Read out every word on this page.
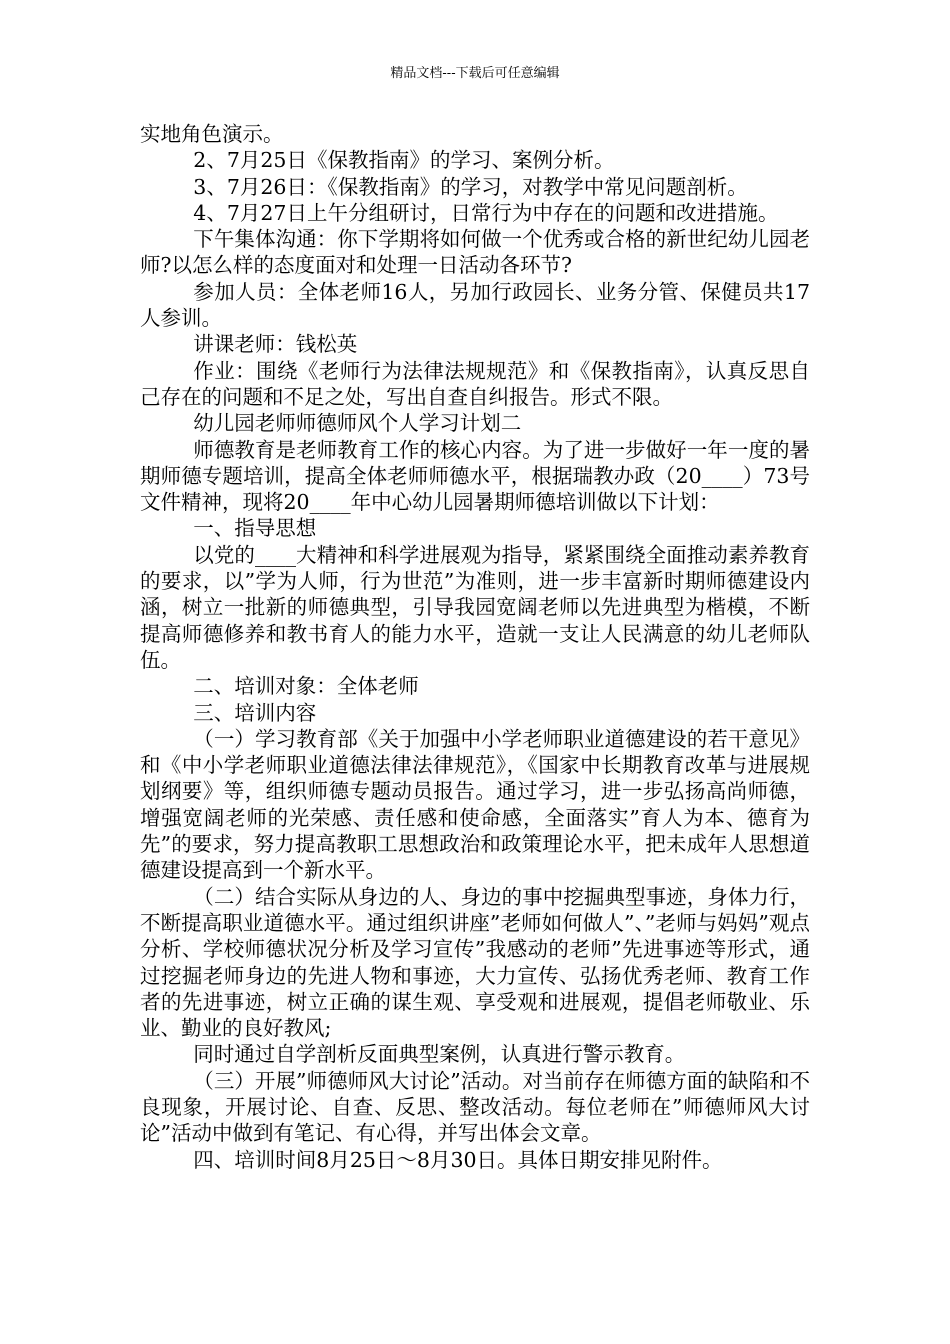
精品文档---下载后可任意编辑

实地角色演示。

2、7月25日《保教指南》的学习、案例分析。

3、7月26日：《保教指南》的学习，对教学中常见问题剖析。

4、7月27日上午分组研讨，日常行为中存在的问题和改进措施。

下午集体沟通：你下学期将如何做一个优秀或合格的新世纪幼儿园老师?以怎么样的态度面对和处理一日活动各环节?

参加人员：全体老师16人，另加行政园长、业务分管、保健员共17人参训。

讲课老师：钱松英

作业：围绕《老师行为法律法规规范》和《保教指南》，认真反思自己存在的问题和不足之处，写出自查自纠报告。形式不限。

幼儿园老师师德师风个人学习计划二

师德教育是老师教育工作的核心内容。为了进一步做好一年一度的暑期师德专题培训，提高全体老师师德水平，根据瑞教办政（20____）73号文件精神，现将20____年中心幼儿园暑期师德培训做以下计划：

一、指导思想

以党的____大精神和科学进展观为指导，紧紧围绕全面推动素养教育的要求，以”学为人师，行为世范”为准则，进一步丰富新时期师德建设内涵，树立一批新的师德典型，引导我园宽阔老师以先进典型为楷模，不断提高师德修养和教书育人的能力水平，造就一支让人民满意的幼儿老师队伍。

二、培训对象：全体老师

三、培训内容

（一）学习教育部《关于加强中小学老师职业道德建设的若干意见》和《中小学老师职业道德法律法律规范》，《国家中长期教育改革与进展规划纲要》等，组织师德专题动员报告。通过学习，进一步弘扬高尚师德，增强宽阔老师的光荣感、责任感和使命感，全面落实”育人为本、德育为先”的要求，努力提高教职工思想政治和政策理论水平，把未成年人思想道德建设提高到一个新水平。

（二）结合实际从身边的人、身边的事中挖掘典型事迹，身体力行，不断提高职业道德水平。通过组织讲座”老师如何做人”、”老师与妈妈”观点分析、学校师德状况分析及学习宣传”我感动的老师”先进事迹等形式，通过挖掘老师身边的先进人物和事迹，大力宣传、弘扬优秀老师、教育工作者的先进事迹，树立正确的谋生观、享受观和进展观，提倡老师敬业、乐业、勤业的良好教风;

同时通过自学剖析反面典型案例，认真进行警示教育。

（三）开展”师德师风大讨论”活动。对当前存在师德方面的缺陷和不良现象，开展讨论、自查、反思、整改活动。每位老师在”师德师风大讨论”活动中做到有笔记、有心得，并写出体会文章。

四、培训时间8月25日～8月30日。具体日期安排见附件。
